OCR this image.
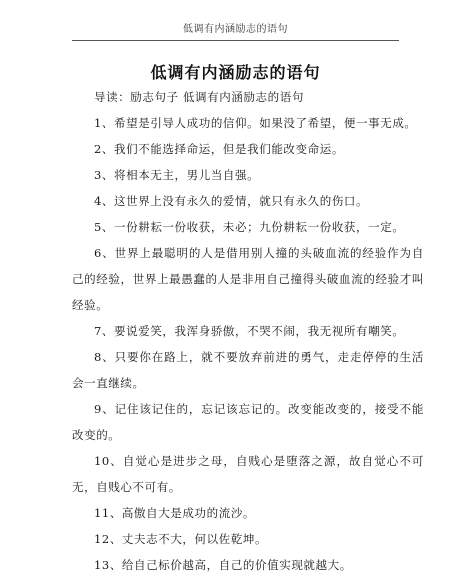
低调有内涵励志的语句
低调有内涵励志的语句

导读：励志句子 低调有内涵励志的语句

1、希望是引导人成功的信仰。如果没了希望，便一事无成。

2、我们不能选择命运，但是我们能改变命运。

3、将相本无主，男儿当自强。

4、这世界上没有永久的爱情，就只有永久的伤口。

5、一份耕耘一份收获，未必；九份耕耘一份收获，一定。

6、世界上最聪明的人是借用别人撞的头破血流的经验作为自己的经验，世界上最愚蠢的人是非用自己撞得头破血流的经验才叫经验。

7、要说爱笑，我浑身骄傲，不哭不闹，我无视所有嘲笑。

8、只要你在路上，就不要放弃前进的勇气，走走停停的生活会一直继续。

9、记住该记住的，忘记该忘记的。改变能改变的，接受不能改变的。

10、自觉心是进步之母，自贱心是堕落之源，故自觉心不可无，自贱心不可有。

11、高傲自大是成功的流沙。

12、丈夫志不大，何以佐乾坤。

13、给自己标价越高，自己的价值实现就越大。
